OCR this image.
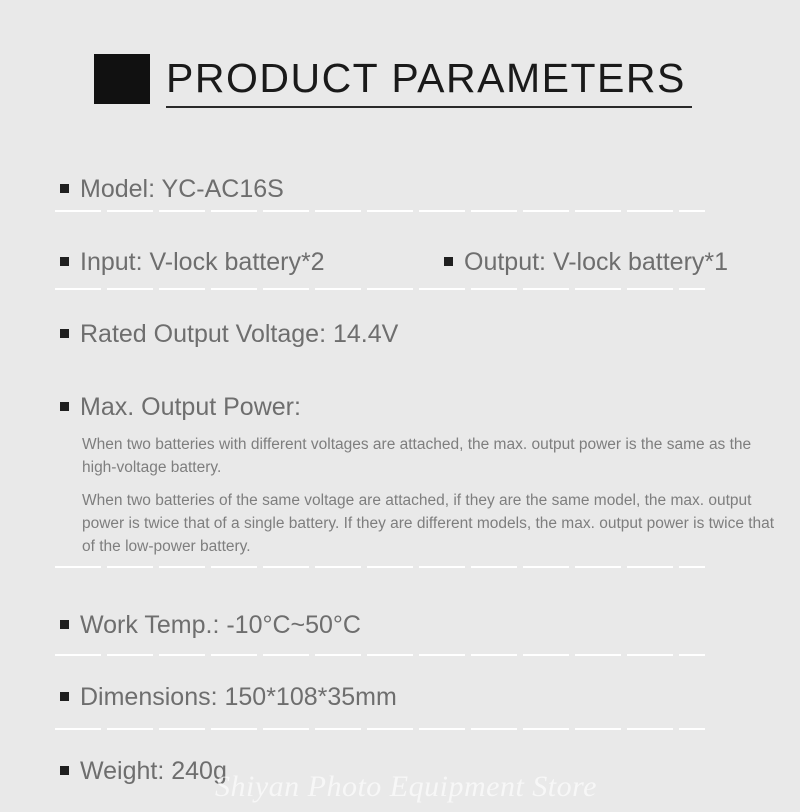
PRODUCT PARAMETERS
Model: YC-AC16S
Input: V-lock battery*2	Output: V-lock battery*1
Rated Output Voltage: 14.4V
Max. Output Power:

When two batteries with different voltages are attached, the max. output power is the same as the high-voltage battery.

When two batteries of the same voltage are attached, if they are the same model, the max. output power is twice that of a single battery. If they are different models, the max. output power is twice that of the low-power battery.

Work Temp.: -10°C~50°C
Dimensions: 150*108*35mm
Weight: 240g
Shiyan Photo Equipment Store
